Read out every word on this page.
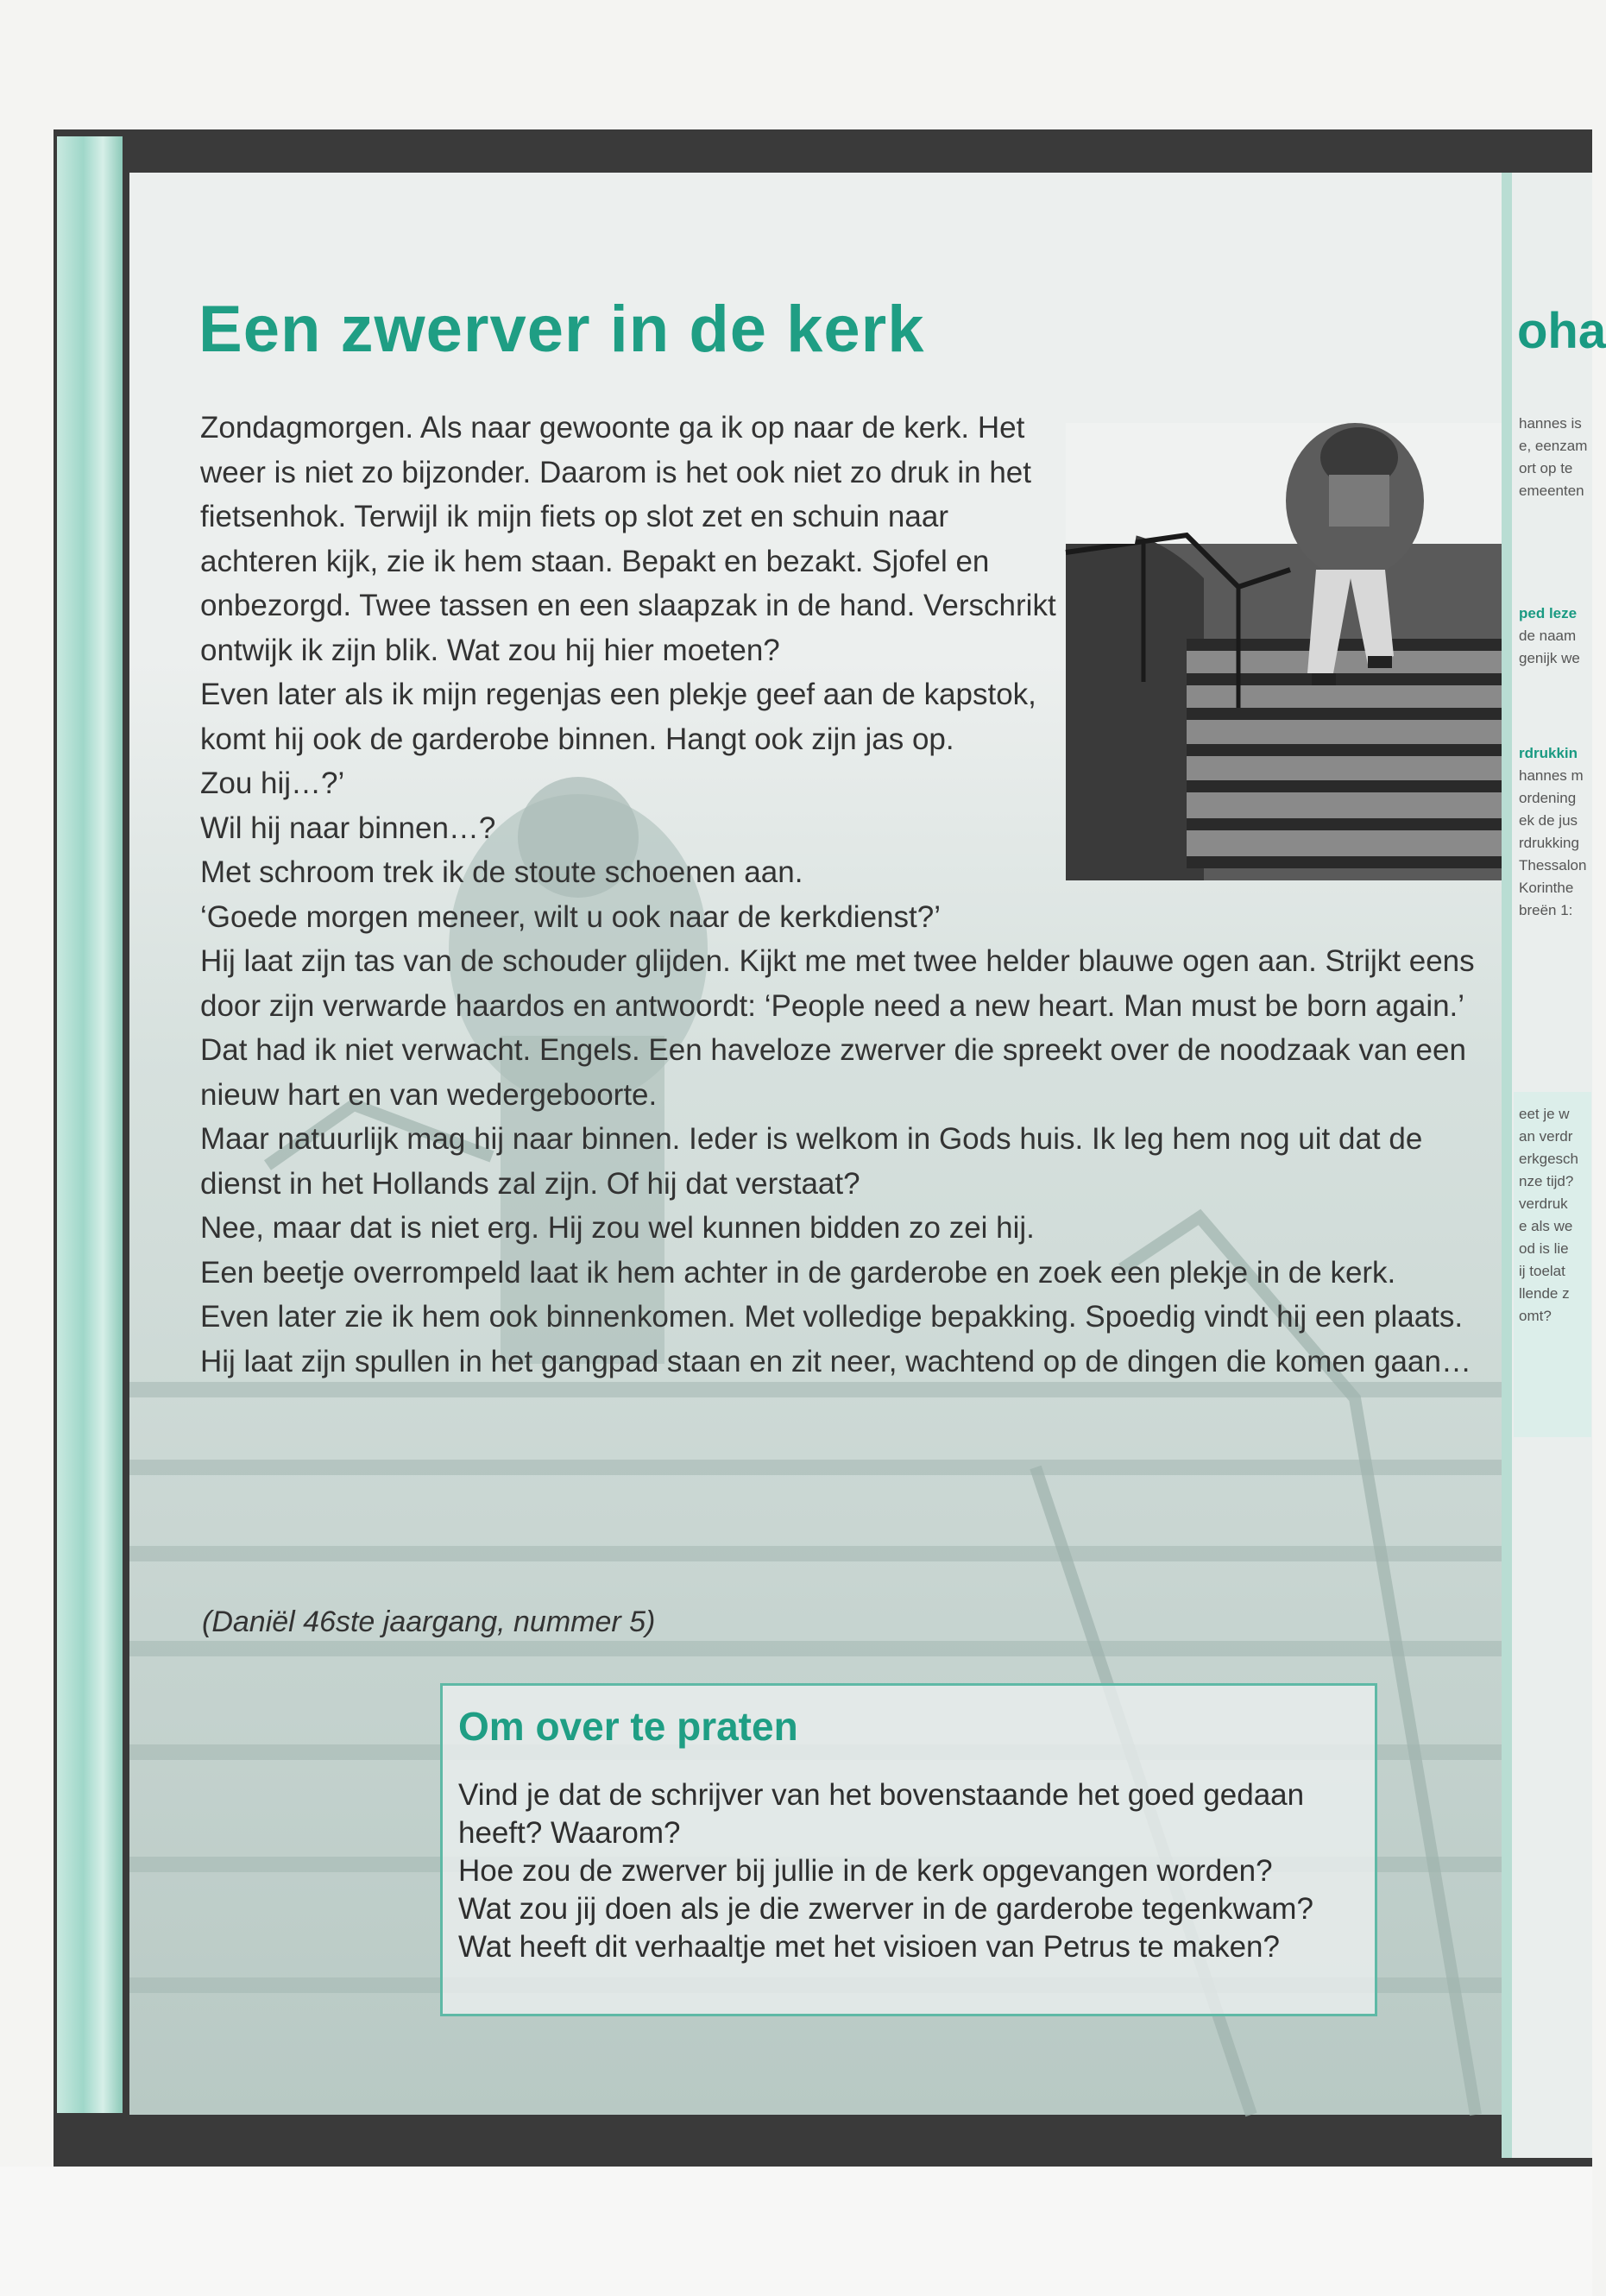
Een zwerver in de kerk

Zondagmorgen. Als naar gewoonte ga ik op naar de kerk. Het weer is niet zo bijzonder. Daarom is het ook niet zo druk in het fietsenhok. Terwijl ik mijn fiets op slot zet en schuin naar achteren kijk, zie ik hem staan. Bepakt en bezakt. Sjofel en onbezorgd. Twee tassen en een slaapzak in de hand. Verschrikt ontwijk ik zijn blik. Wat zou hij hier moeten?

Even later als ik mijn regenjas een plekje geef aan de kapstok, komt hij ook de garderobe binnen. Hangt ook zijn jas op.

Zou hij…?’

Wil hij naar binnen…?

Met schroom trek ik de stoute schoenen aan.

‘Goede morgen meneer, wilt u ook naar de kerkdienst?’

Hij laat zijn tas van de schouder glijden. Kijkt me met twee helder blauwe ogen aan. Strijkt eens door zijn verwarde haardos en antwoordt: ‘People need a new heart. Man must be born again.’

Dat had ik niet verwacht. Engels. Een haveloze zwerver die spreekt over de noodzaak van een nieuw hart en van wedergeboorte.

Maar natuurlijk mag hij naar binnen. Ieder is welkom in Gods huis. Ik leg hem nog uit dat de dienst in het Hollands zal zijn. Of hij dat verstaat?

Nee, maar dat is niet erg. Hij zou wel kunnen bidden zo zei hij.

Een beetje overrompeld laat ik hem achter in de garderobe en zoek een plekje in de kerk.

Even later zie ik hem ook binnenkomen. Met volledige bepakking. Spoedig vindt hij een plaats. Hij laat zijn spullen in het gangpad staan en zit neer, wachtend op de dingen die komen gaan…

(Daniël 46ste jaargang, nummer 5)
Om over te praten
Vind je dat de schrijver van het bovenstaande het goed gedaan heeft? Waarom?
Hoe zou de zwerver bij jullie in de kerk opgevangen worden?
Wat zou jij doen als je die zwerver in de garderobe tegenkwam?
Wat heeft dit verhaaltje met het visioen van Petrus te maken?
oha
hannes is
e, eenzam
ort op te
emeenten
ped leze
de naam
genijk we
rdrukkin
hannes m
ordening
ek de jus
rdrukking
Thessalon
Korinthe
breën 1:
eet je w
an verdr
erkgesch
nze tijd?
verdruk
e als we
od is lie
ij toelat
llende z
omt?
